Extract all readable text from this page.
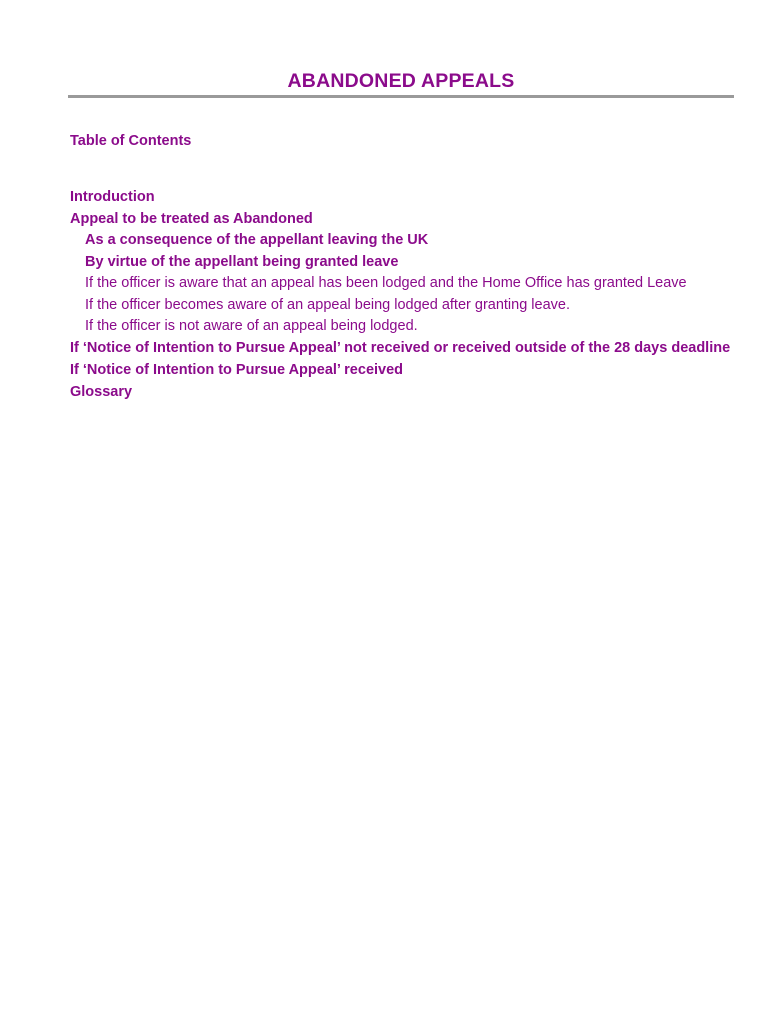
ABANDONED APPEALS
Table of Contents
Introduction
Appeal to be treated as Abandoned
As a consequence of the appellant leaving the UK
By virtue of the appellant being granted leave
If the officer is aware that an appeal has been lodged and the Home Office has granted Leave
If the officer becomes aware of an appeal being lodged after granting leave.
If the officer is not aware of an appeal being lodged.
If ‘Notice of Intention to Pursue Appeal’ not received or received outside of the 28 days deadline
If ‘Notice of Intention to Pursue Appeal’ received
Glossary
